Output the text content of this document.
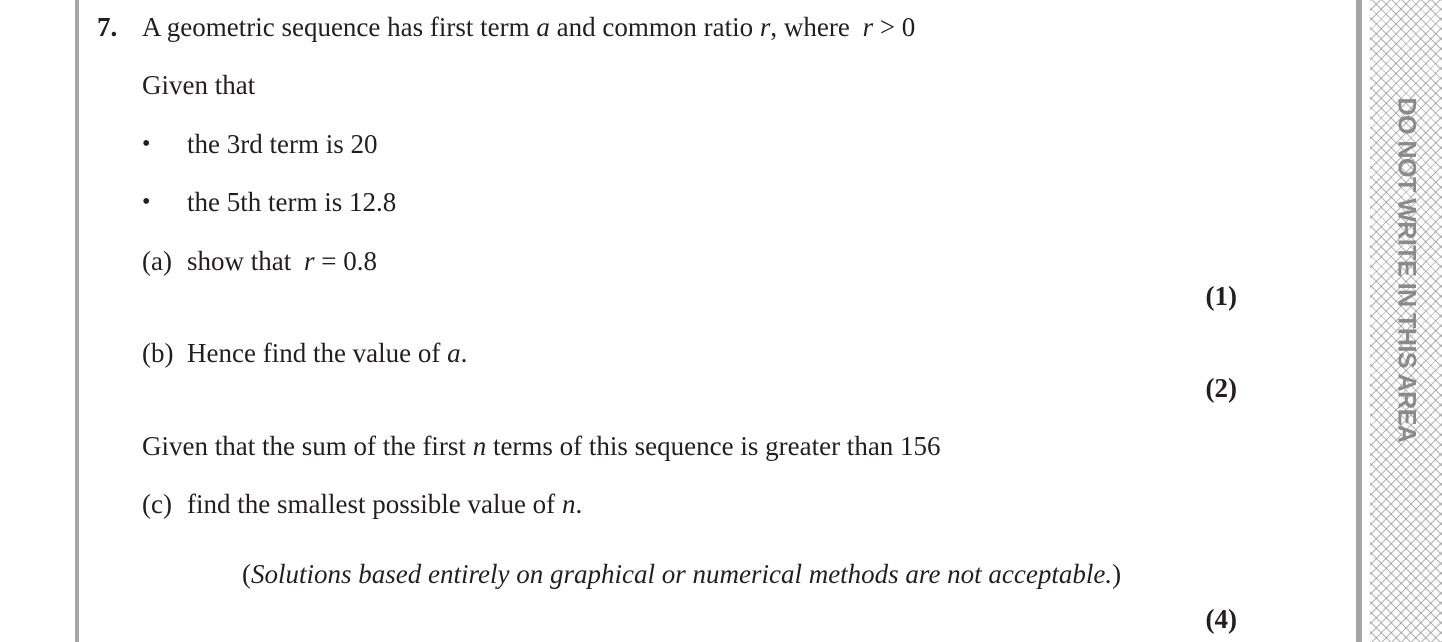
DO NOT WRITE IN THIS AREA
7. A geometric sequence has first term a and common ratio r, where r > 0
Given that
• the 3rd term is 20
• the 5th term is 12.8
(a) show that r = 0.8
(1)
(b) Hence find the value of a.
(2)
Given that the sum of the first n terms of this sequence is greater than 156
(c) find the smallest possible value of n.
(Solutions based entirely on graphical or numerical methods are not acceptable.)
(4)
